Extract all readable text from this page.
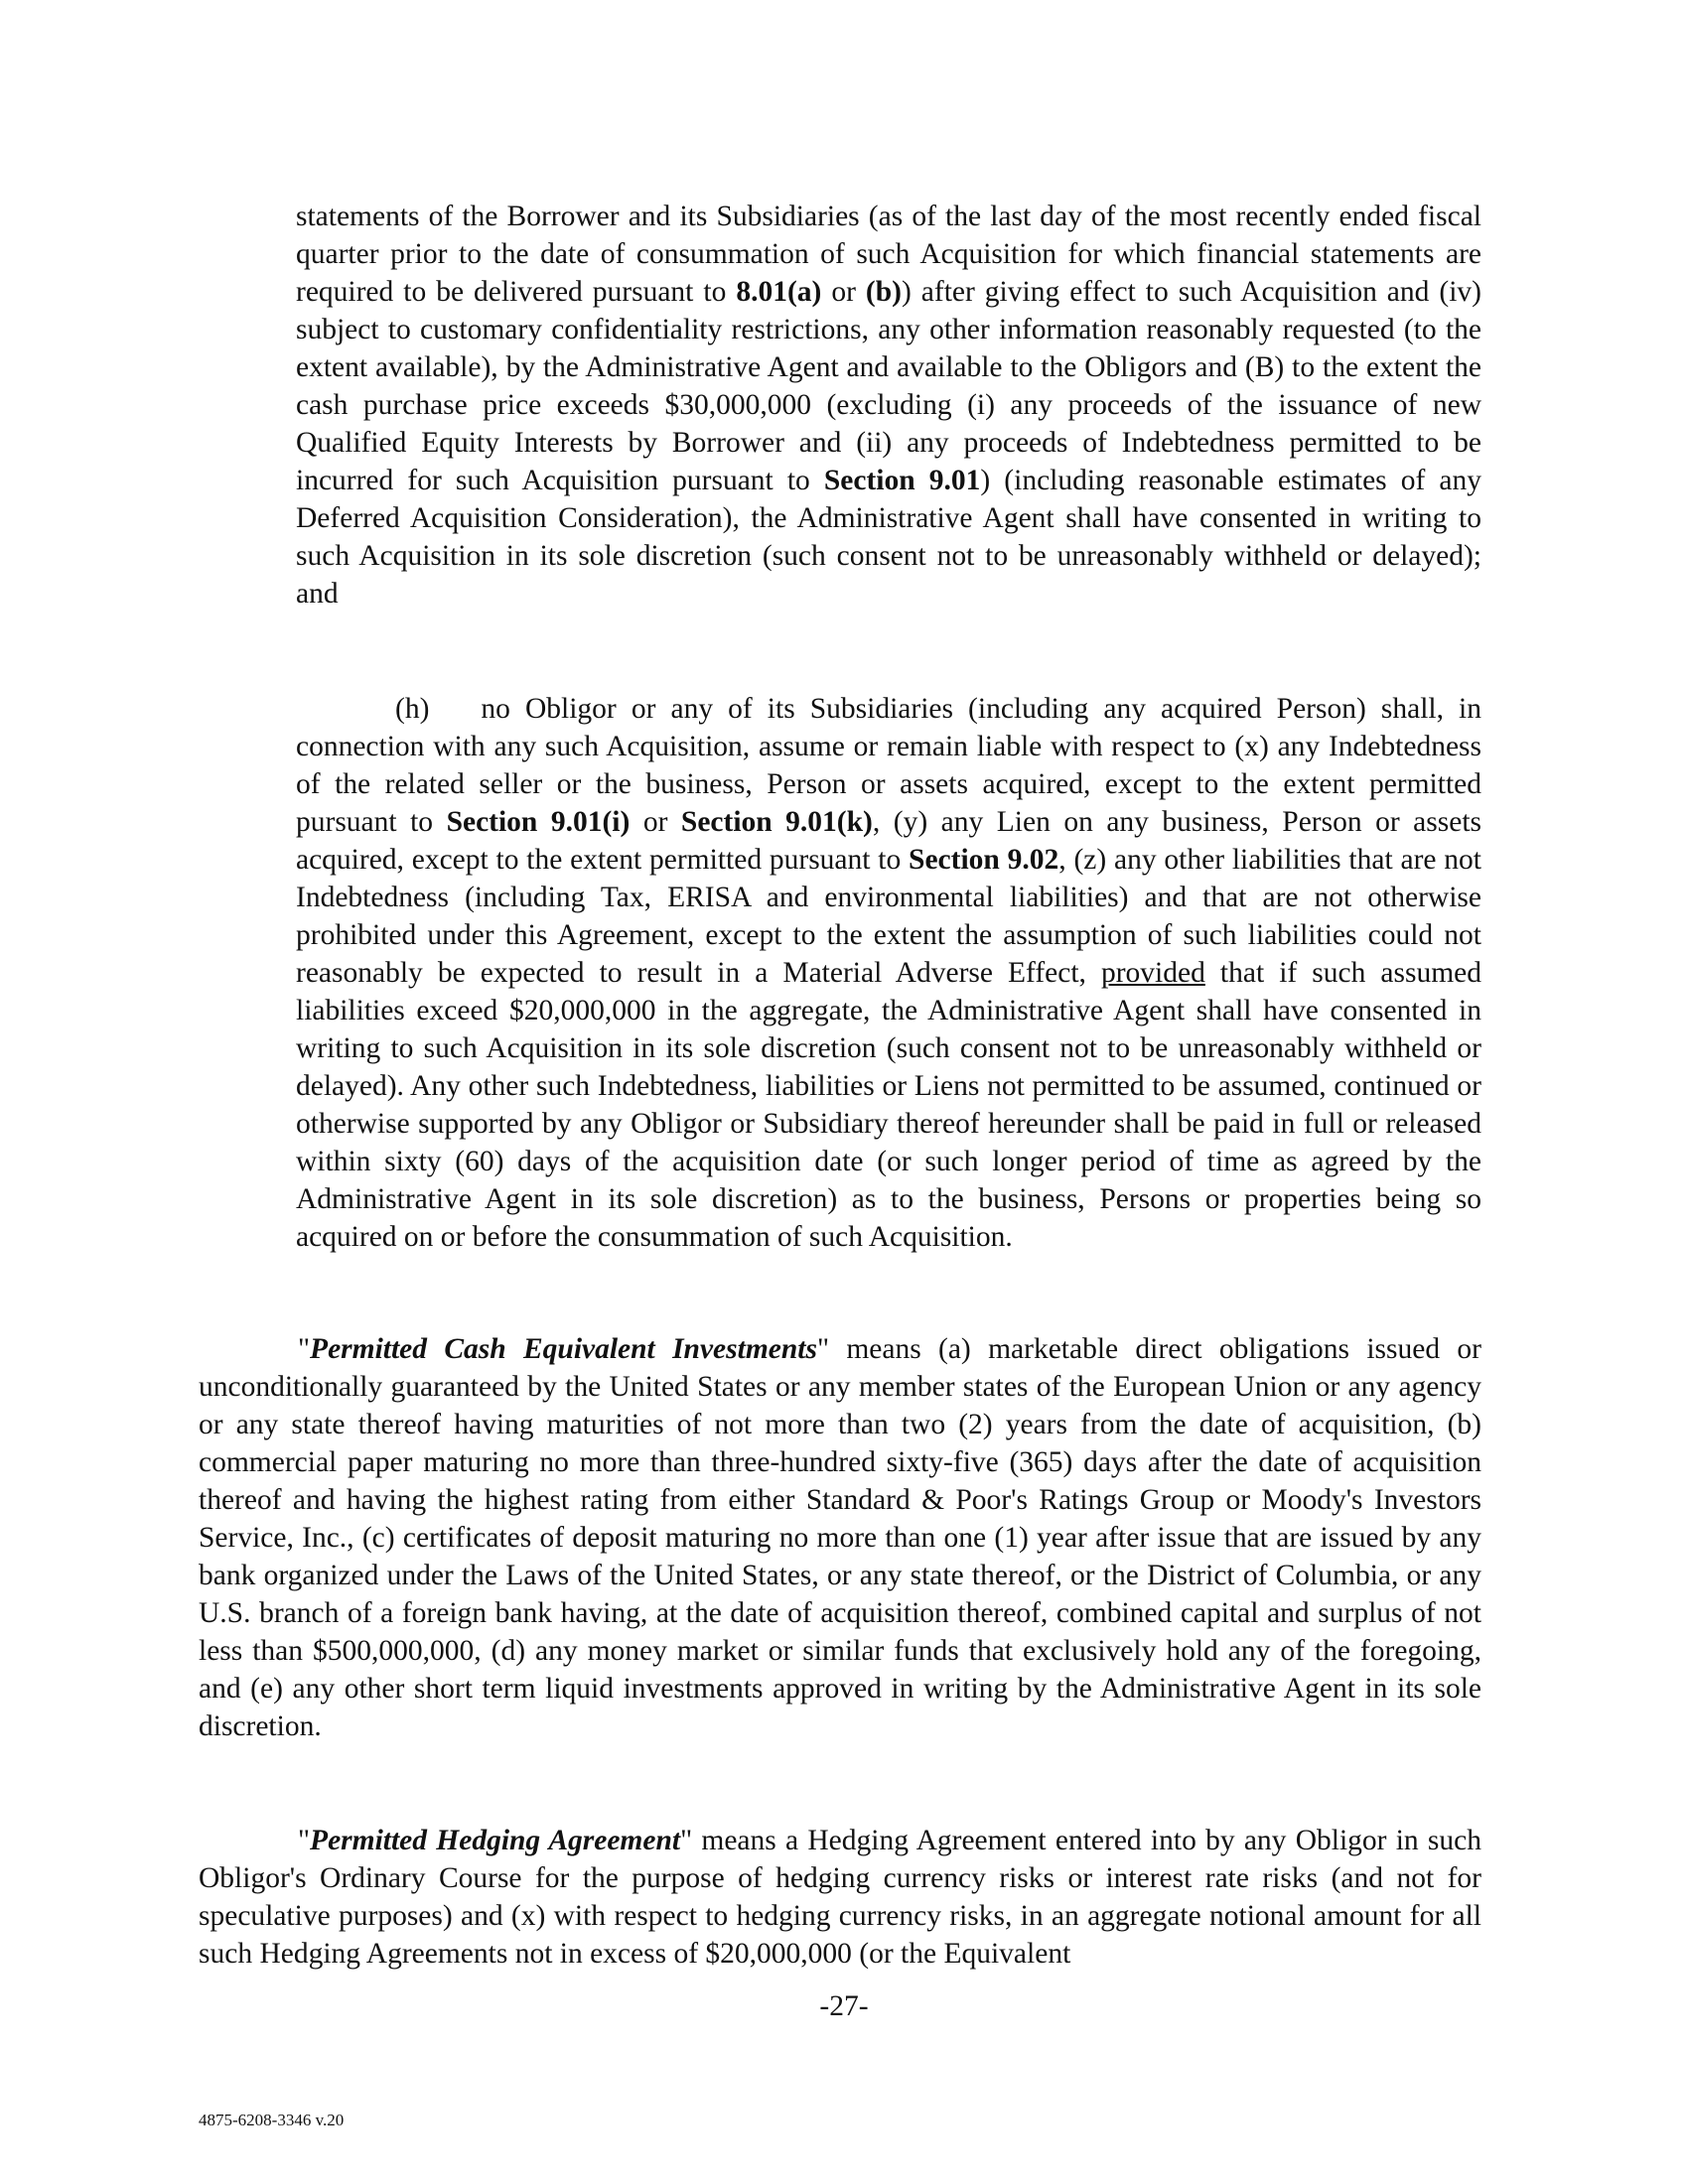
statements of the Borrower and its Subsidiaries (as of the last day of the most recently ended fiscal quarter prior to the date of consummation of such Acquisition for which financial statements are required to be delivered pursuant to 8.01(a) or (b)) after giving effect to such Acquisition and (iv) subject to customary confidentiality restrictions, any other information reasonably requested (to the extent available), by the Administrative Agent and available to the Obligors and (B) to the extent the cash purchase price exceeds $30,000,000 (excluding (i) any proceeds of the issuance of new Qualified Equity Interests by Borrower and (ii) any proceeds of Indebtedness permitted to be incurred for such Acquisition pursuant to Section 9.01) (including reasonable estimates of any Deferred Acquisition Consideration), the Administrative Agent shall have consented in writing to such Acquisition in its sole discretion (such consent not to be unreasonably withheld or delayed); and

(h) no Obligor or any of its Subsidiaries (including any acquired Person) shall, in connection with any such Acquisition, assume or remain liable with respect to (x) any Indebtedness of the related seller or the business, Person or assets acquired, except to the extent permitted pursuant to Section 9.01(i) or Section 9.01(k), (y) any Lien on any business, Person or assets acquired, except to the extent permitted pursuant to Section 9.02, (z) any other liabilities that are not Indebtedness (including Tax, ERISA and environmental liabilities) and that are not otherwise prohibited under this Agreement, except to the extent the assumption of such liabilities could not reasonably be expected to result in a Material Adverse Effect, provided that if such assumed liabilities exceed $20,000,000 in the aggregate, the Administrative Agent shall have consented in writing to such Acquisition in its sole discretion (such consent not to be unreasonably withheld or delayed). Any other such Indebtedness, liabilities or Liens not permitted to be assumed, continued or otherwise supported by any Obligor or Subsidiary thereof hereunder shall be paid in full or released within sixty (60) days of the acquisition date (or such longer period of time as agreed by the Administrative Agent in its sole discretion) as to the business, Persons or properties being so acquired on or before the consummation of such Acquisition.

"Permitted Cash Equivalent Investments" means (a) marketable direct obligations issued or unconditionally guaranteed by the United States or any member states of the European Union or any agency or any state thereof having maturities of not more than two (2) years from the date of acquisition, (b) commercial paper maturing no more than three-hundred sixty-five (365) days after the date of acquisition thereof and having the highest rating from either Standard & Poor's Ratings Group or Moody's Investors Service, Inc., (c) certificates of deposit maturing no more than one (1) year after issue that are issued by any bank organized under the Laws of the United States, or any state thereof, or the District of Columbia, or any U.S. branch of a foreign bank having, at the date of acquisition thereof, combined capital and surplus of not less than $500,000,000, (d) any money market or similar funds that exclusively hold any of the foregoing, and (e) any other short term liquid investments approved in writing by the Administrative Agent in its sole discretion.

"Permitted Hedging Agreement" means a Hedging Agreement entered into by any Obligor in such Obligor's Ordinary Course for the purpose of hedging currency risks or interest rate risks (and not for speculative purposes) and (x) with respect to hedging currency risks, in an aggregate notional amount for all such Hedging Agreements not in excess of $20,000,000 (or the Equivalent

-27-

4875-6208-3346 v.20
